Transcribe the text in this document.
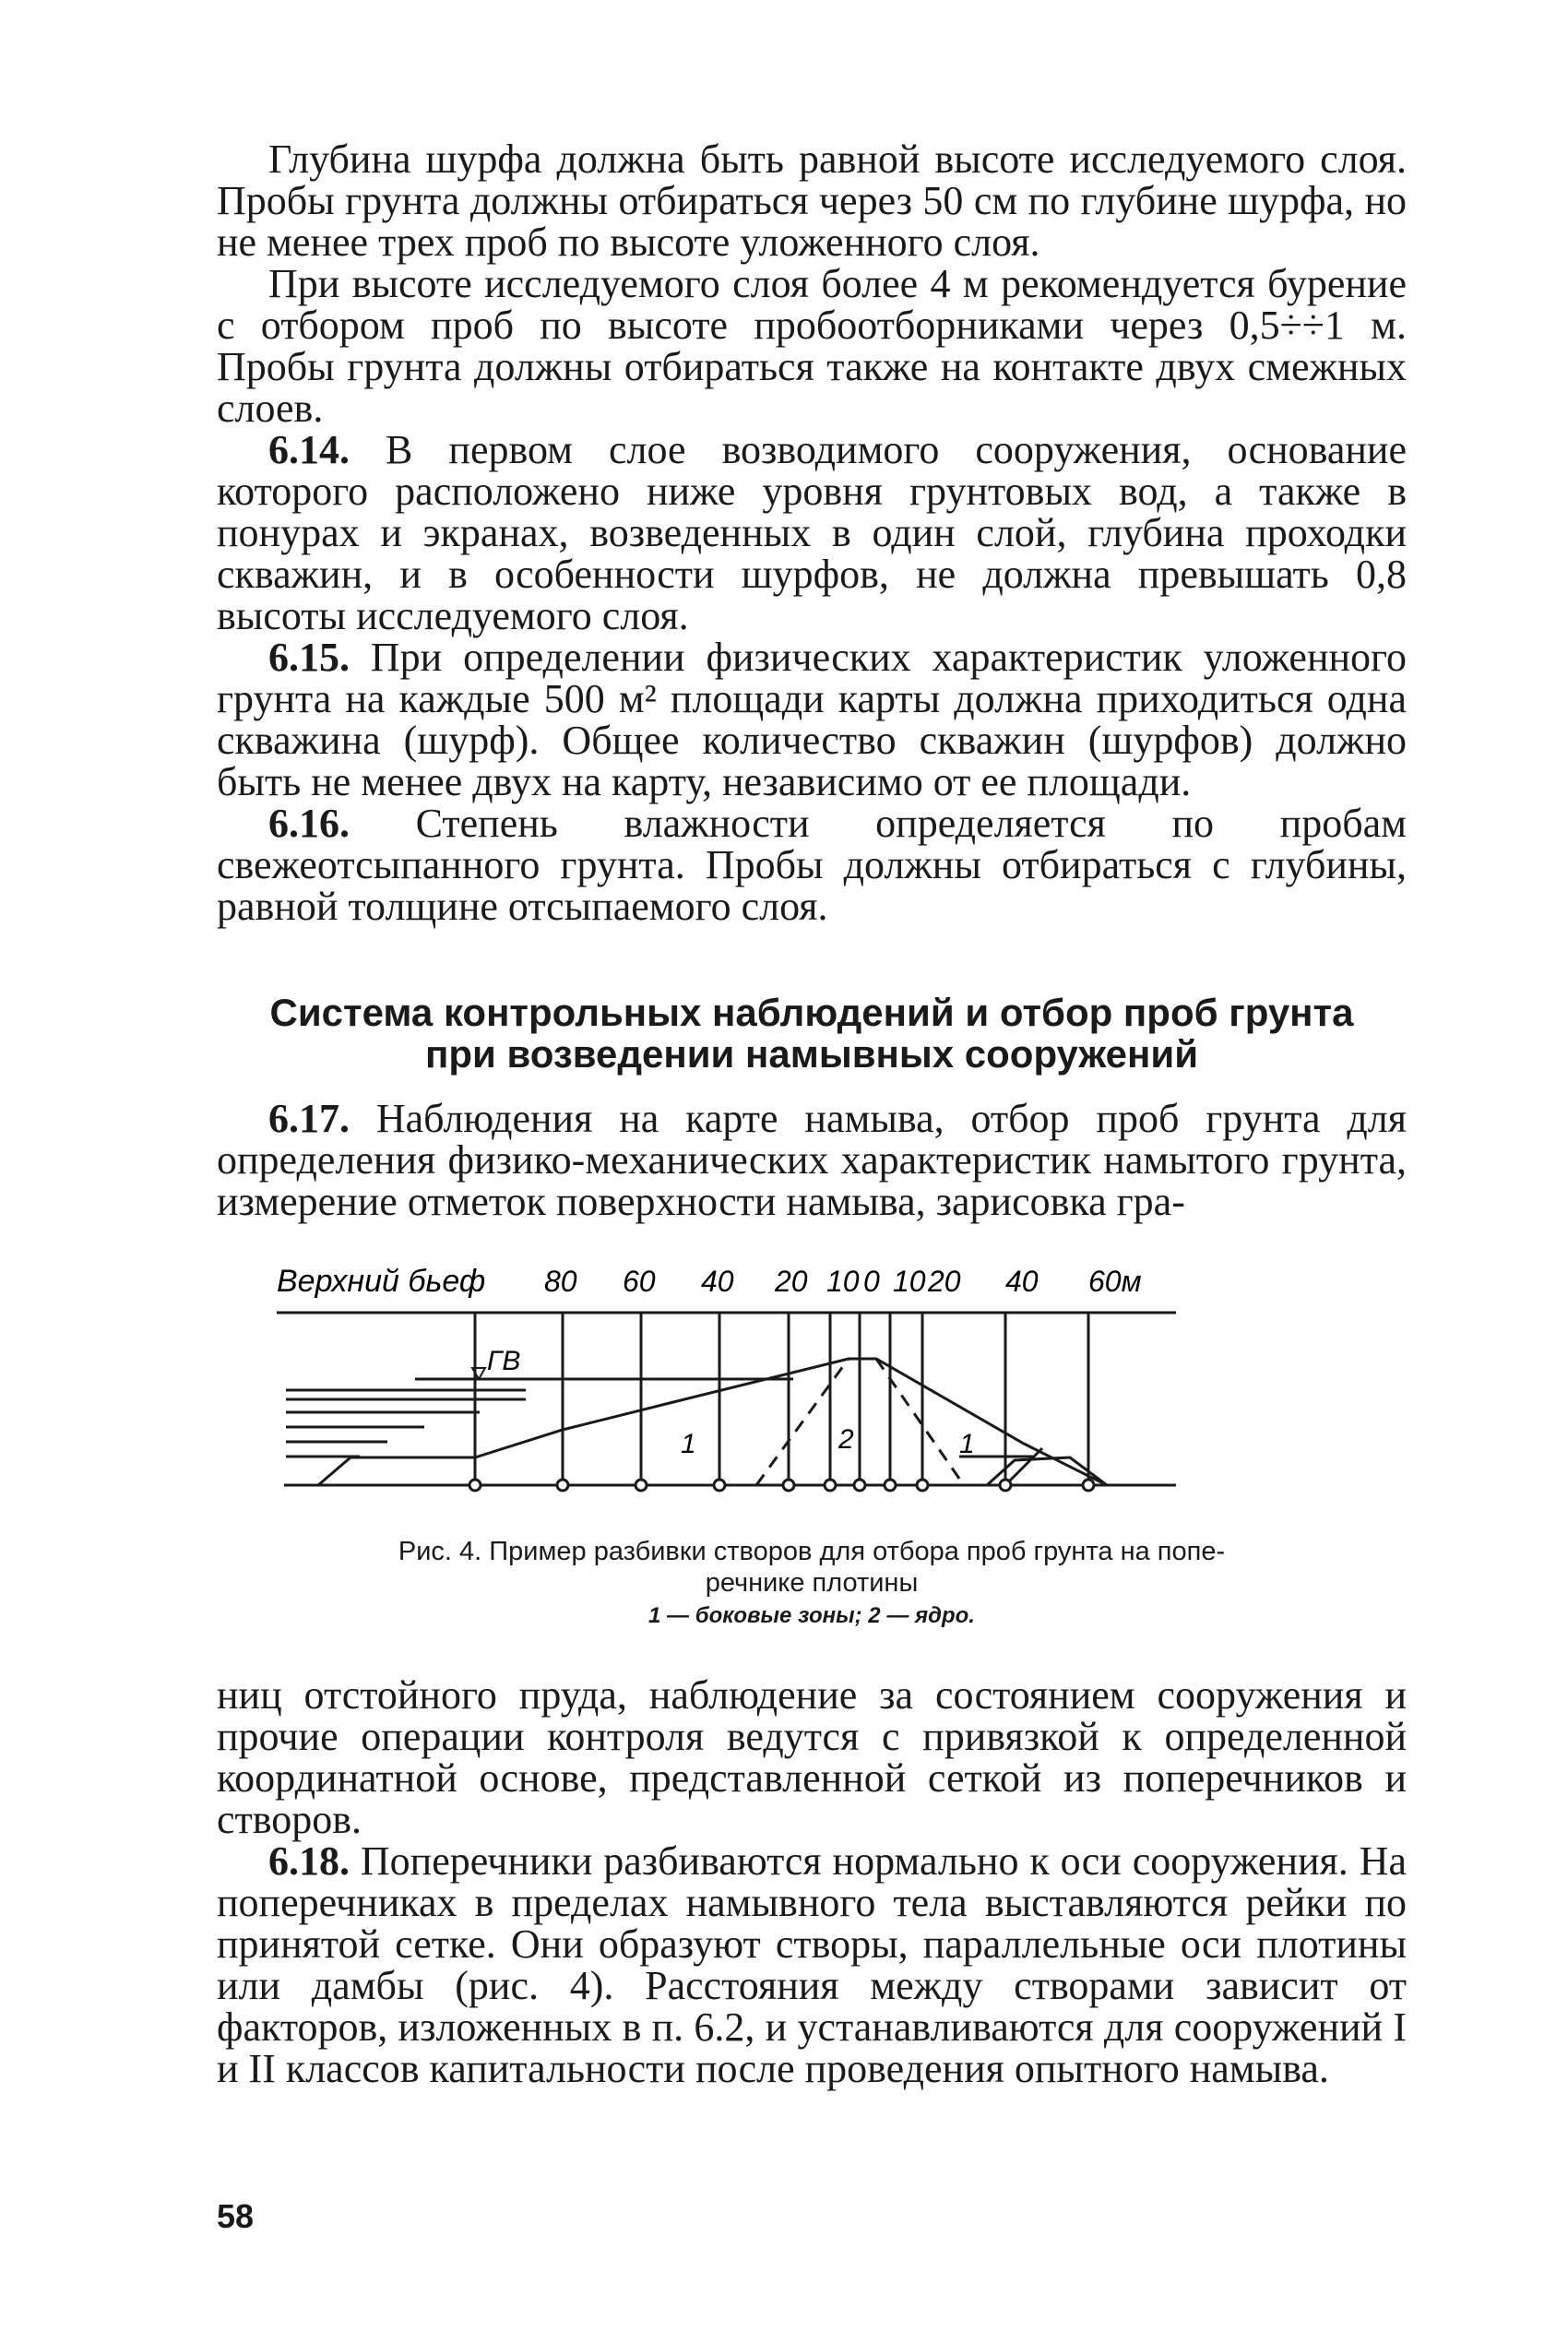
Глубина шурфа должна быть равной высоте исследуемого слоя. Пробы грунта должны отбираться через 50 см по глубине шурфа, но не менее трех проб по высоте уложенного слоя.

При высоте исследуемого слоя более 4 м рекомендуется бурение с отбором проб по высоте пробоотборниками через 0,5÷÷1 м. Пробы грунта должны отбираться также на контакте двух смежных слоев.

6.14. В первом слое возводимого сооружения, основание которого расположено ниже уровня грунтовых вод, а также в понурах и экранах, возведенных в один слой, глубина проходки скважин, и в особенности шурфов, не должна превышать 0,8 высоты исследуемого слоя.

6.15. При определении физических характеристик уложенного грунта на каждые 500 м² площади карты должна приходиться одна скважина (шурф). Общее количество скважин (шурфов) должно быть не менее двух на карту, независимо от ее площади.

6.16. Степень влажности определяется по пробам свежеотсыпанного грунта. Пробы должны отбираться с глубины, равной толщине отсыпаемого слоя.

Система контрольных наблюдений и отбор проб грунта
при возведении намывных сооружений

6.17. Наблюдения на карте намыва, отбор проб грунта для определения физико-механических характеристик намытого грунта, измерение отметок поверхности намыва, зарисовка гра-

Верхний бьеф 80 60 40 20 10 0 10 20 40 60м
ГВ
1	2	1
Рис. 4. Пример разбивки створов для отбора проб грунта на попе-
речнике плотины
1 — боковые зоны; 2 — ядро.

ниц отстойного пруда, наблюдение за состоянием сооружения и прочие операции контроля ведутся с привязкой к определенной координатной основе, представленной сеткой из поперечников и створов.

6.18. Поперечники разбиваются нормально к оси сооружения. На поперечниках в пределах намывного тела выставляются рейки по принятой сетке. Они образуют створы, параллельные оси плотины или дамбы (рис. 4). Расстояния между створами зависит от факторов, изложенных в п. 6.2, и устанавливаются для сооружений I и II классов капитальности после проведения опытного намыва.

58
